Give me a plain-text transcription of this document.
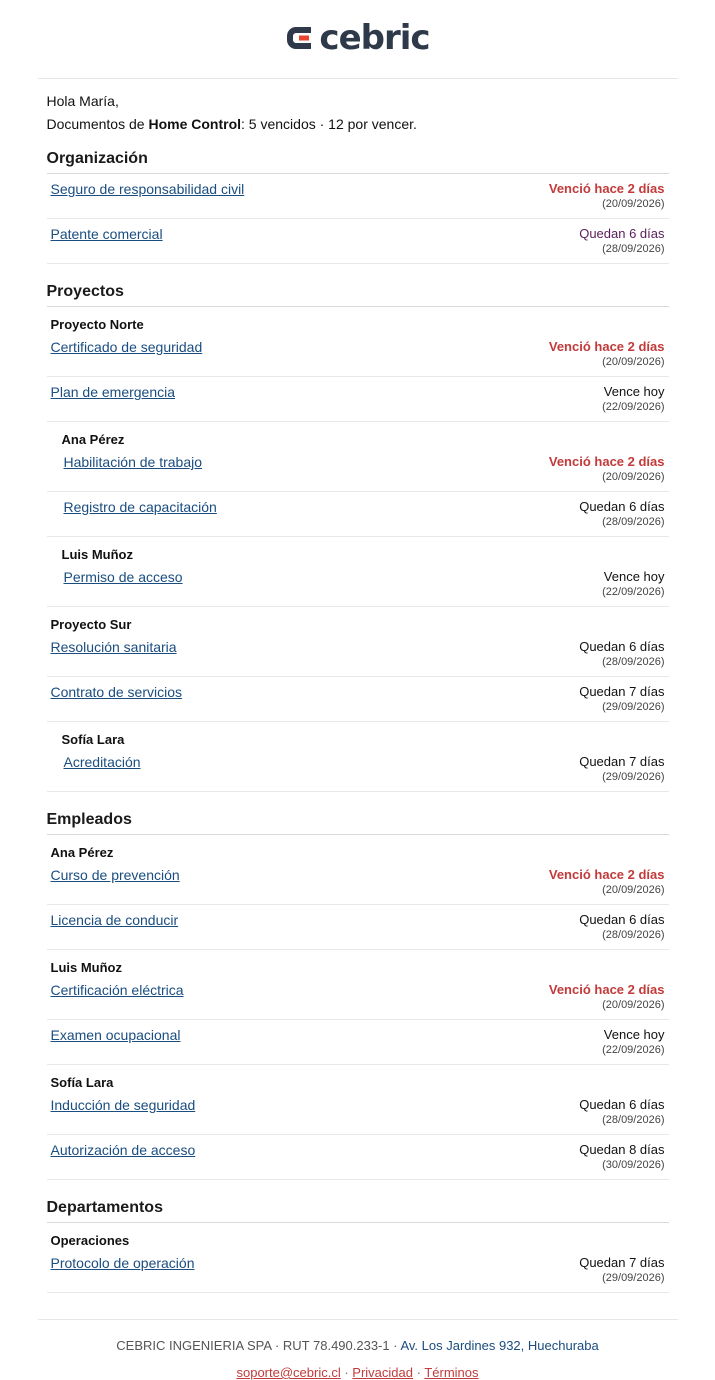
cebric
Hola María,
Documentos de Home Control: 5 vencidos · 12 por vencer.
Organización
Seguro de responsabilidad civil	Venció hace 2 días
(20/09/2026)
Patente comercial	Quedan 6 días
(28/09/2026)
Proyectos
Proyecto Norte
Certificado de seguridad	Venció hace 2 días
(20/09/2026)
Plan de emergencia	Vence hoy
(22/09/2026)
Ana Pérez
Habilitación de trabajo	Venció hace 2 días
(20/09/2026)
Registro de capacitación	Quedan 6 días
(28/09/2026)
Luis Muñoz
Permiso de acceso	Vence hoy
(22/09/2026)
Proyecto Sur
Resolución sanitaria	Quedan 6 días
(28/09/2026)
Contrato de servicios	Quedan 7 días
(29/09/2026)
Sofía Lara
Acreditación	Quedan 7 días
(29/09/2026)
Empleados
Ana Pérez
Curso de prevención	Venció hace 2 días
(20/09/2026)
Licencia de conducir	Quedan 6 días
(28/09/2026)
Luis Muñoz
Certificación eléctrica	Venció hace 2 días
(20/09/2026)
Examen ocupacional	Vence hoy
(22/09/2026)
Sofía Lara
Inducción de seguridad	Quedan 6 días
(28/09/2026)
Autorización de acceso	Quedan 8 días
(30/09/2026)
Departamentos
Operaciones
Protocolo de operación	Quedan 7 días
(29/09/2026)
CEBRIC INGENIERIA SPA · RUT 78.490.233-1 · Av. Los Jardines 932, Huechuraba
soporte@cebric.cl · Privacidad · Términos
